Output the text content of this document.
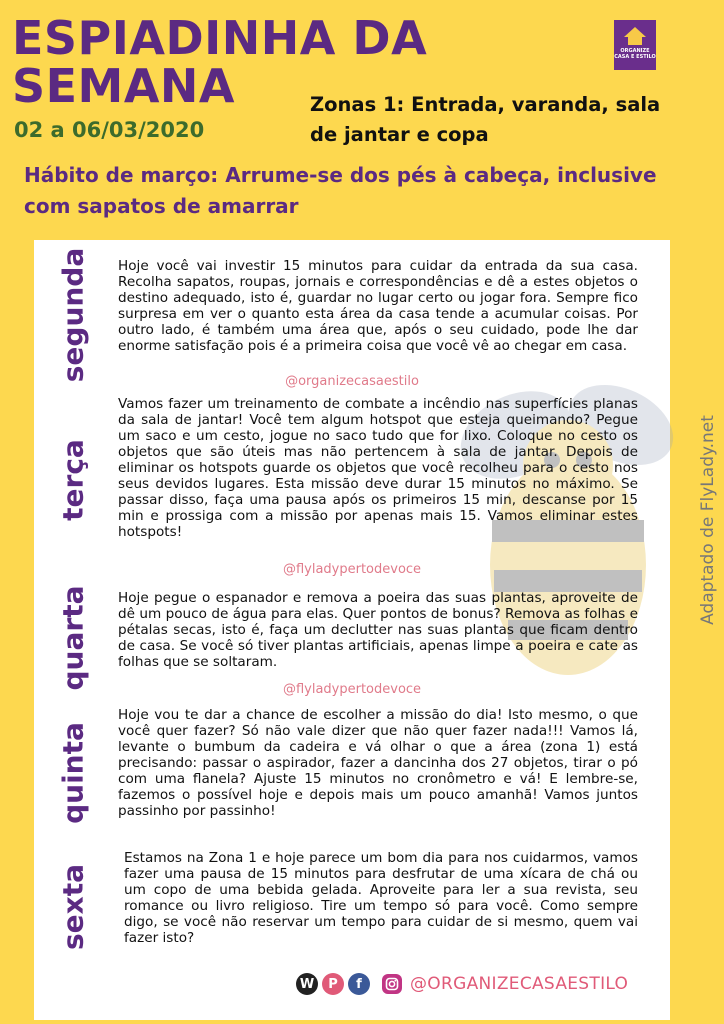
ESPIADINHA DA
SEMANA
02 a 06/03/2020
Zonas 1: Entrada, varanda, sala de jantar e copa
ORGANIZE CASA E ESTILO
Hábito de março: Arrume-se dos pés à cabeça, inclusive com sapatos de amarrar
segunda Hoje você vai investir 15 minutos para cuidar da entrada da sua casa. Recolha sapatos, roupas, jornais e correspondências e dê a estes objetos o destino adequado, isto é, guardar no lugar certo ou jogar fora. Sempre fico surpresa em ver o quanto esta área da casa tende a acumular coisas. Por outro lado, é também uma área que, após o seu cuidado, pode lhe dar enorme satisfação pois é a primeira coisa que você vê ao chegar em casa.
@organizecasaestilo
terça
Vamos fazer um treinamento de combate a incêndio nas superfícies planas da sala de jantar! Você tem algum hotspot que esteja queimando? Pegue um saco e um cesto, jogue no saco tudo que for lixo. Coloque no cesto os objetos que são úteis mas não pertencem à sala de jantar. Depois de eliminar os hotspots guarde os objetos que você recolheu para o cesto nos seus devidos lugares. Esta missão deve durar 15 minutos no máximo. Se passar disso, faça uma pausa após os primeiros 15 min, descanse por 15 min e prossiga com a missão por apenas mais 15. Vamos eliminar estes hotspots!
@flyladypertodevoce
quarta Hoje pegue o espanador e remova a poeira das suas plantas, aproveite de dê um pouco de água para elas. Quer pontos de bonus? Remova as folhas e pétalas secas, isto é, faça um declutter nas suas plantas que ficam dentro de casa. Se você só tiver plantas artificiais, apenas limpe a poeira e cate as folhas que se soltaram.
@flyladypertodevoce
quinta
Hoje vou te dar a chance de escolher a missão do dia! Isto mesmo, o que você quer fazer? Só não vale dizer que não quer fazer nada!!! Vamos lá, levante o bumbum da cadeira e vá olhar o que a área (zona 1) está precisando: passar o aspirador, fazer a dancinha dos 27 objetos, tirar o pó com uma flanela? Ajuste 15 minutos no cronômetro e vá! E lembre-se, fazemos o possível hoje e depois mais um pouco amanhã! Vamos juntos passinho por passinho!
sexta
Estamos na Zona 1 e hoje parece um bom dia para nos cuidarmos, vamos fazer uma pausa de 15 minutos para desfrutar de uma xícara de chá ou um copo de uma bebida gelada. Aproveite para ler a sua revista, seu romance ou livro religioso. Tire um tempo só para você. Como sempre digo, se você não reservar um tempo para cuidar de si mesmo, quem vai fazer isto?
W	P	f	@ORGANIZECASAESTILO
Adaptado de FlyLady.net
